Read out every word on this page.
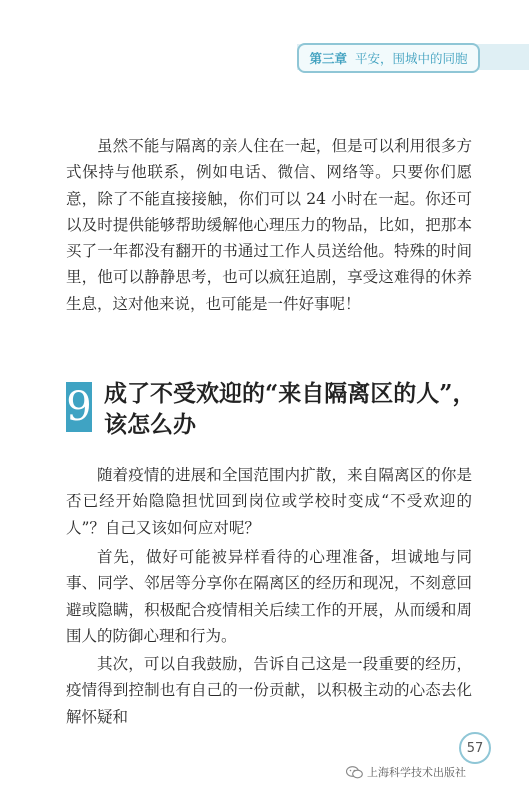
第三章 平安，围城中的同胞

虽然不能与隔离的亲人住在一起，但是可以利用很多方式保持与他联系，例如电话、微信、网络等。只要你们愿意，除了不能直接接触，你们可以 24 小时在一起。你还可以及时提供能够帮助缓解他心理压力的物品，比如，把那本买了一年都没有翻开的书通过工作人员送给他。特殊的时间里，他可以静静思考，也可以疯狂追剧，享受这难得的休养生息，这对他来说，也可能是一件好事呢！

9 成了不受欢迎的“来自隔离区的人”，
该怎么办

随着疫情的进展和全国范围内扩散，来自隔离区的你是否已经开始隐隐担忧回到岗位或学校时变成“不受欢迎的人”？自己又该如何应对呢？

首先，做好可能被异样看待的心理准备，坦诚地与同事、同学、邻居等分享你在隔离区的经历和现况，不刻意回避或隐瞒，积极配合疫情相关后续工作的开展，从而缓和周围人的防御心理和行为。

其次，可以自我鼓励，告诉自己这是一段重要的经历，疫情得到控制也有自己的一份贡献，以积极主动的心态去化解怀疑和

57
上海科学技术出版社
